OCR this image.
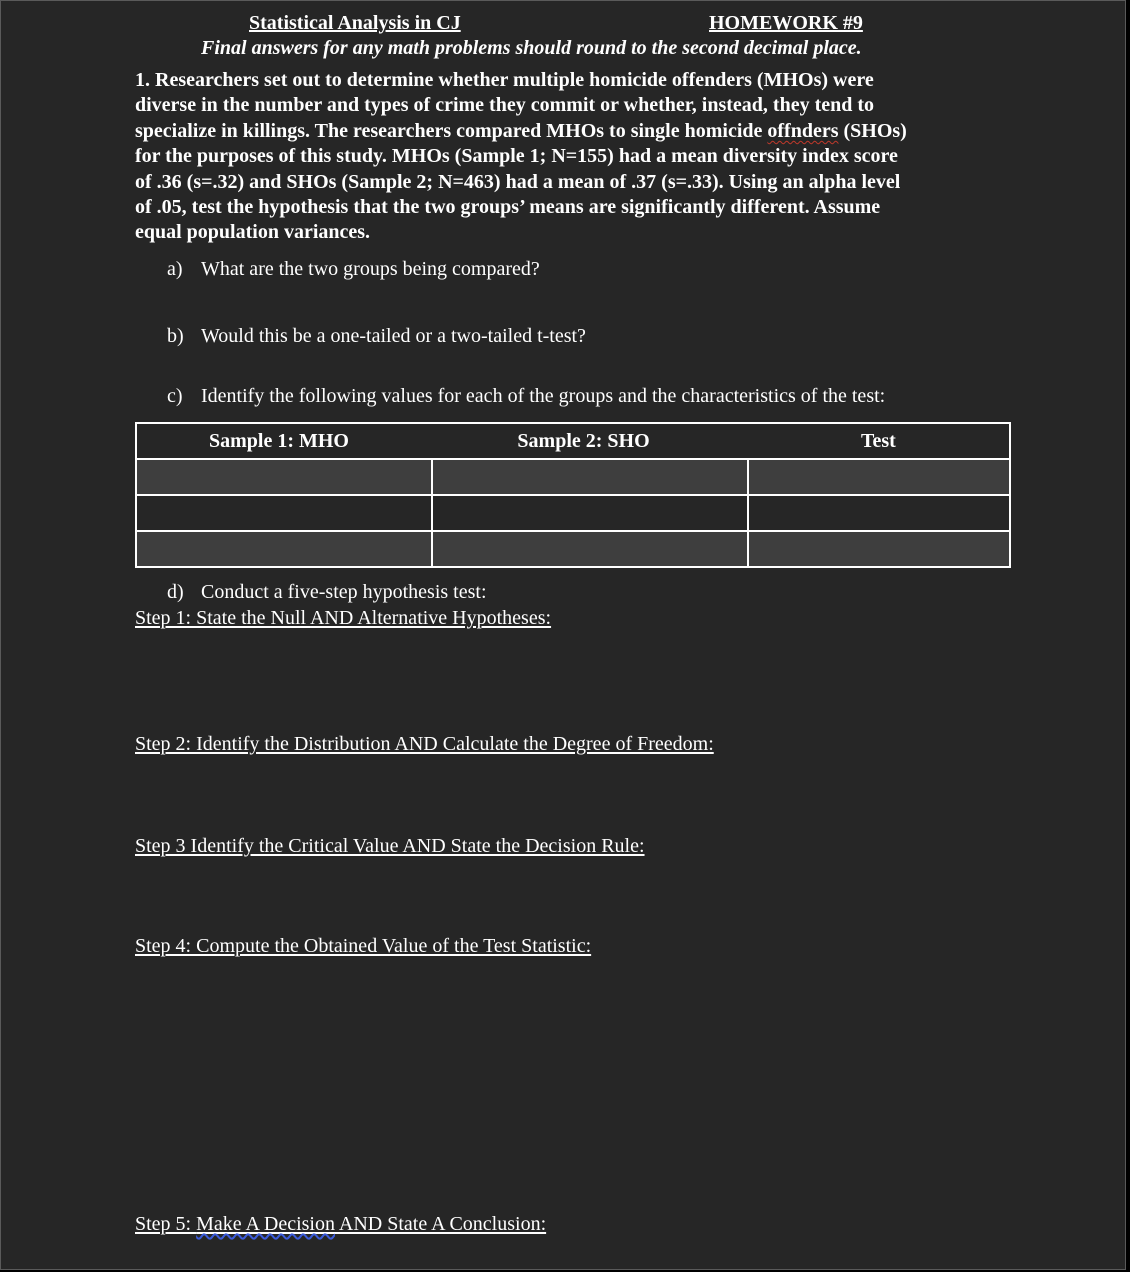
Statistical Analysis in CJ	HOMEWORK #9
Final answers for any math problems should round to the second decimal place.
1. Researchers set out to determine whether multiple homicide offenders (MHOs) were
diverse in the number and types of crime they commit or whether, instead, they tend to
specialize in killings. The researchers compared MHOs to single homicide offnders (SHOs)
for the purposes of this study. MHOs (Sample 1; N=155) had a mean diversity index score
of .36 (s=.32) and SHOs (Sample 2; N=463) had a mean of .37 (s=.33). Using an alpha level
of .05, test the hypothesis that the two groups’ means are significantly different. Assume
equal population variances.
a) What are the two groups being compared?
b) Would this be a one-tailed or a two-tailed t-test?
c) Identify the following values for each of the groups and the characteristics of the test:
Sample 1: MHO	Sample 2: SHO	Test

d) Conduct a five-step hypothesis test:
Step 1: State the Null AND Alternative Hypotheses:
Step 2: Identify the Distribution AND Calculate the Degree of Freedom:
Step 3 Identify the Critical Value AND State the Decision Rule:
Step 4: Compute the Obtained Value of the Test Statistic:
Step 5: Make A Decision AND State A Conclusion:
